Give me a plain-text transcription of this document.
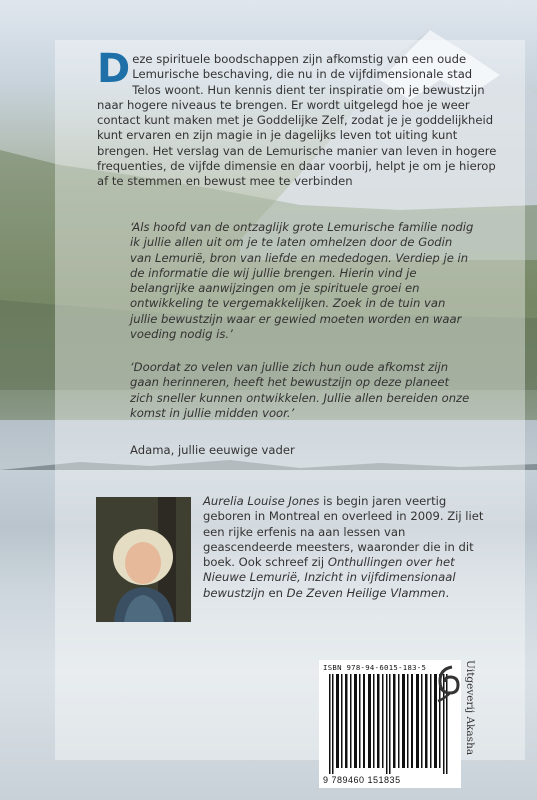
Deze spirituele boodschappen zijn afkomstig van een oude Lemurische beschaving, die nu in de vijfdimensionale stad Telos woont. Hun kennis dient ter inspiratie om je bewustzijn naar hogere niveaus te brengen. Er wordt uitgelegd hoe je weer contact kunt maken met je Goddelijke Zelf, zodat je je goddelijkheid kunt ervaren en zijn magie in je dagelijks leven tot uiting kunt brengen. Het verslag van de Lemurische manier van leven in hogere frequenties, de vijfde dimensie en daar voorbij, helpt je om je hierop af te stemmen en bewust mee te verbinden
‘Als hoofd van de ontzaglijk grote Lemurische familie nodig ik jullie allen uit om je te laten omhelzen door de Godin van Lemurië, bron van liefde en mededogen. Verdiep je in de informatie die wij jullie brengen. Hierin vind je belangrijke aanwijzingen om je spirituele groei en ontwikkeling te vergemakkelijken. Zoek in de tuin van jullie bewustzijn waar er gewied moeten worden en waar voeding nodig is.’
‘Doordat zo velen van jullie zich hun oude afkomst zijn gaan herinneren, heeft het bewustzijn op deze planeet zich sneller kunnen ontwikkelen. Jullie allen bereiden onze komst in jullie midden voor.’
Adama, jullie eeuwige vader
Aurelia Louise Jones is begin jaren veertig geboren in Montreal en overleed in 2009. Zij liet een rijke erfenis na aan lessen van geascendeerde meesters, waaronder die in dit boek. Ook schreef zij Onthullingen over het Nieuwe Lemurië, Inzicht in vijfdimensionaal bewustzijn en De Zeven Heilige Vlammen.
ISBN 978-94-6015-183-5
9 789460 151835
Uitgeverij Akasha
